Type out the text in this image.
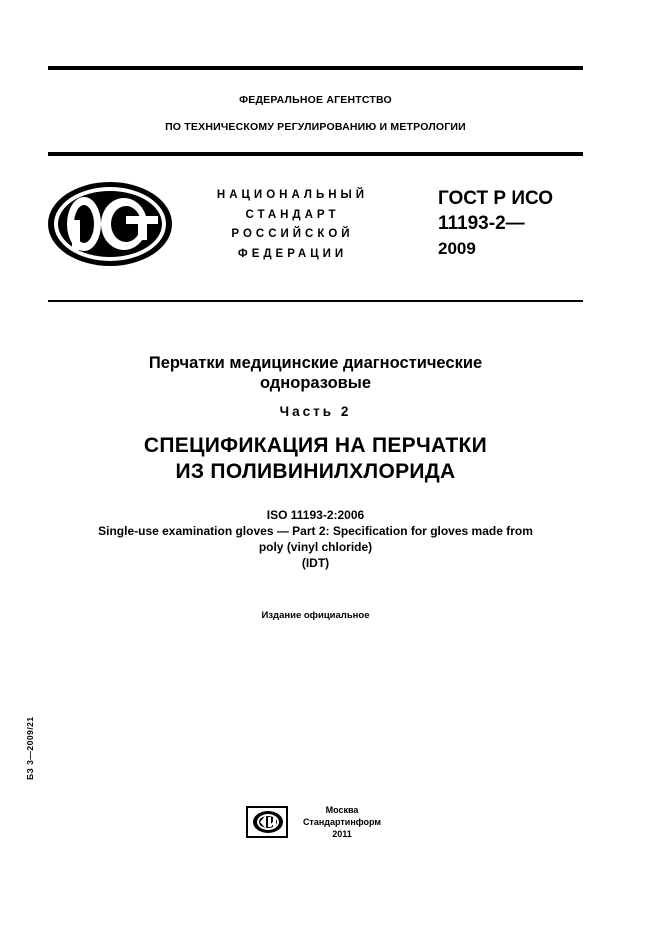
ФЕДЕРАЛЬНОЕ АГЕНТСТВО
ПО ТЕХНИЧЕСКОМУ РЕГУЛИРОВАНИЮ И МЕТРОЛОГИИ
НАЦИОНАЛЬНЫЙ
СТАНДАРТ
РОССИЙСКОЙ
ФЕДЕРАЦИИ
ГОСТ Р ИСО
11193-2—
2009
Перчатки медицинские диагностические
одноразовые
Часть 2
СПЕЦИФИКАЦИЯ НА ПЕРЧАТКИ
ИЗ ПОЛИВИНИЛХЛОРИДА
ISO 11193-2:2006
Single-use examination gloves — Part 2: Specification for gloves made from
poly (vinyl chloride)
(IDT)
Издание официальное
БЗ 3—2009/21
Москва
Стандартинформ
2011
